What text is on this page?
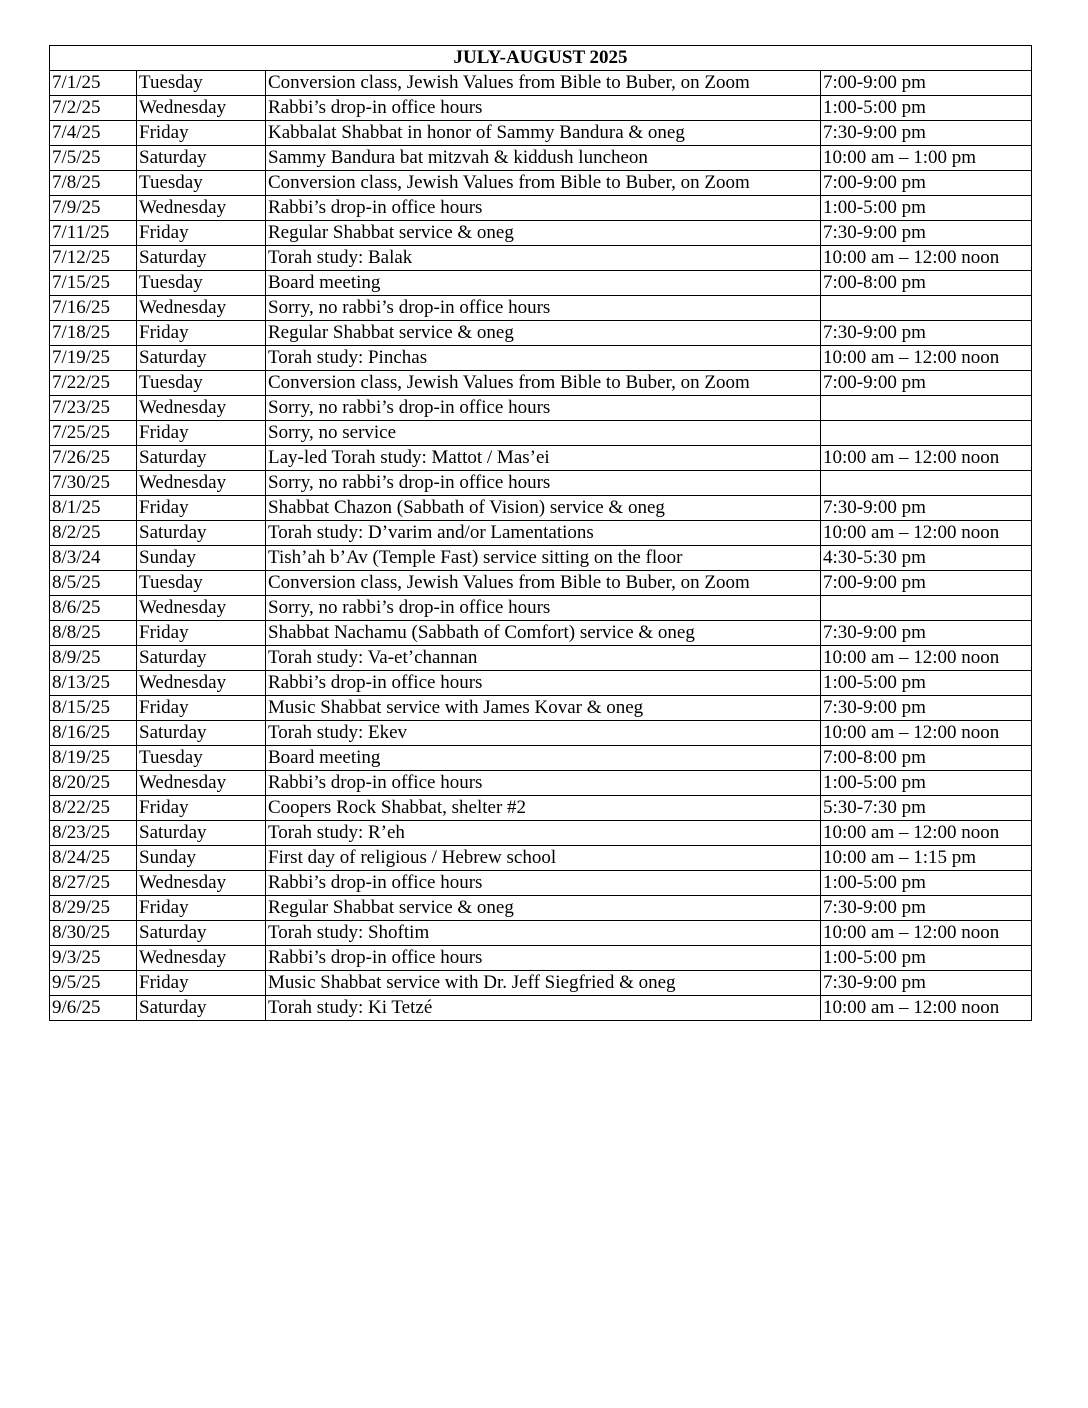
JULY-AUGUST 2025			
7/1/25	Tuesday	Conversion class, Jewish Values from Bible to Buber, on Zoom	7:00-9:00 pm
7/2/25	Wednesday	Rabbi’s drop-in office hours	1:00-5:00 pm
7/4/25	Friday	Kabbalat Shabbat in honor of Sammy Bandura & oneg	7:30-9:00 pm
7/5/25	Saturday	Sammy Bandura bat mitzvah & kiddush luncheon	10:00 am – 1:00 pm
7/8/25	Tuesday	Conversion class, Jewish Values from Bible to Buber, on Zoom	7:00-9:00 pm
7/9/25	Wednesday	Rabbi’s drop-in office hours	1:00-5:00 pm
7/11/25	Friday	Regular Shabbat service & oneg	7:30-9:00 pm
7/12/25	Saturday	Torah study: Balak	10:00 am – 12:00 noon
7/15/25	Tuesday	Board meeting	7:00-8:00 pm
7/16/25	Wednesday	Sorry, no rabbi’s drop-in office hours	
7/18/25	Friday	Regular Shabbat service & oneg	7:30-9:00 pm
7/19/25	Saturday	Torah study: Pinchas	10:00 am – 12:00 noon
7/22/25	Tuesday	Conversion class, Jewish Values from Bible to Buber, on Zoom	7:00-9:00 pm
7/23/25	Wednesday	Sorry, no rabbi’s drop-in office hours	
7/25/25	Friday	Sorry, no service	
7/26/25	Saturday	Lay-led Torah study: Mattot / Mas’ei	10:00 am – 12:00 noon
7/30/25	Wednesday	Sorry, no rabbi’s drop-in office hours	
8/1/25	Friday	Shabbat Chazon (Sabbath of Vision) service & oneg	7:30-9:00 pm
8/2/25	Saturday	Torah study: D’varim and/or Lamentations	10:00 am – 12:00 noon
8/3/24	Sunday	Tish’ah b’Av (Temple Fast) service sitting on the floor	4:30-5:30 pm
8/5/25	Tuesday	Conversion class, Jewish Values from Bible to Buber, on Zoom	7:00-9:00 pm
8/6/25	Wednesday	Sorry, no rabbi’s drop-in office hours	
8/8/25	Friday	Shabbat Nachamu (Sabbath of Comfort) service & oneg	7:30-9:00 pm
8/9/25	Saturday	Torah study: Va-et’channan	10:00 am – 12:00 noon
8/13/25	Wednesday	Rabbi’s drop-in office hours	1:00-5:00 pm
8/15/25	Friday	Music Shabbat service with James Kovar & oneg	7:30-9:00 pm
8/16/25	Saturday	Torah study: Ekev	10:00 am – 12:00 noon
8/19/25	Tuesday	Board meeting	7:00-8:00 pm
8/20/25	Wednesday	Rabbi’s drop-in office hours	1:00-5:00 pm
8/22/25	Friday	Coopers Rock Shabbat, shelter #2	5:30-7:30 pm
8/23/25	Saturday	Torah study: R’eh	10:00 am – 12:00 noon
8/24/25	Sunday	First day of religious / Hebrew school	10:00 am – 1:15 pm
8/27/25	Wednesday	Rabbi’s drop-in office hours	1:00-5:00 pm
8/29/25	Friday	Regular Shabbat service & oneg	7:30-9:00 pm
8/30/25	Saturday	Torah study: Shoftim	10:00 am – 12:00 noon
9/3/25	Wednesday	Rabbi’s drop-in office hours	1:00-5:00 pm
9/5/25	Friday	Music Shabbat service with Dr. Jeff Siegfried & oneg	7:30-9:00 pm
9/6/25	Saturday	Torah study: Ki Tetzé	10:00 am – 12:00 noon
